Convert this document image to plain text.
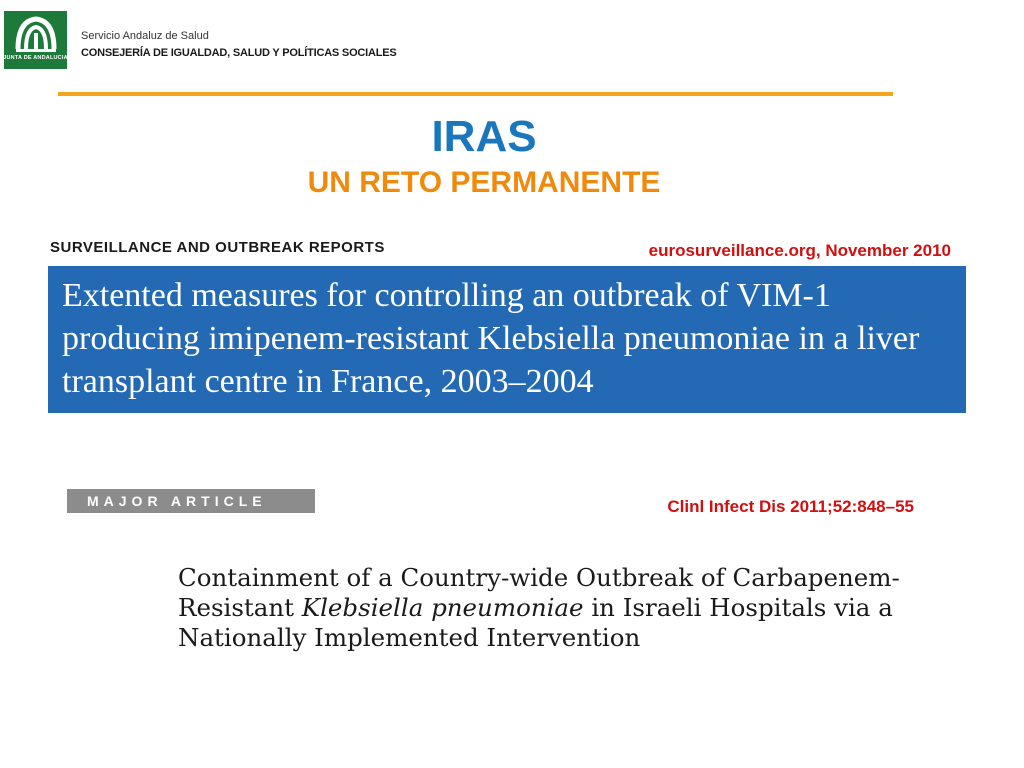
JUNTA DE ANDALUCIA
Servicio Andaluz de Salud
CONSEJERÍA DE IGUALDAD, SALUD Y POLÍTICAS SOCIALES
IRAS
UN RETO PERMANENTE
SURVEILLANCE AND OUTBREAK REPORTS	eurosurveillance.org, November 2010

Extented measures for controlling an outbreak of VIM-1 producing imipenem-resistant Klebsiella pneumoniae in a liver transplant centre in France, 2003–2004

MAJOR ARTICLE	Clinl Infect Dis 2011;52:848–55

Containment of a Country-wide Outbreak of Carbapenem-Resistant Klebsiella pneumoniae in Israeli Hospitals via a Nationally Implemented Intervention
